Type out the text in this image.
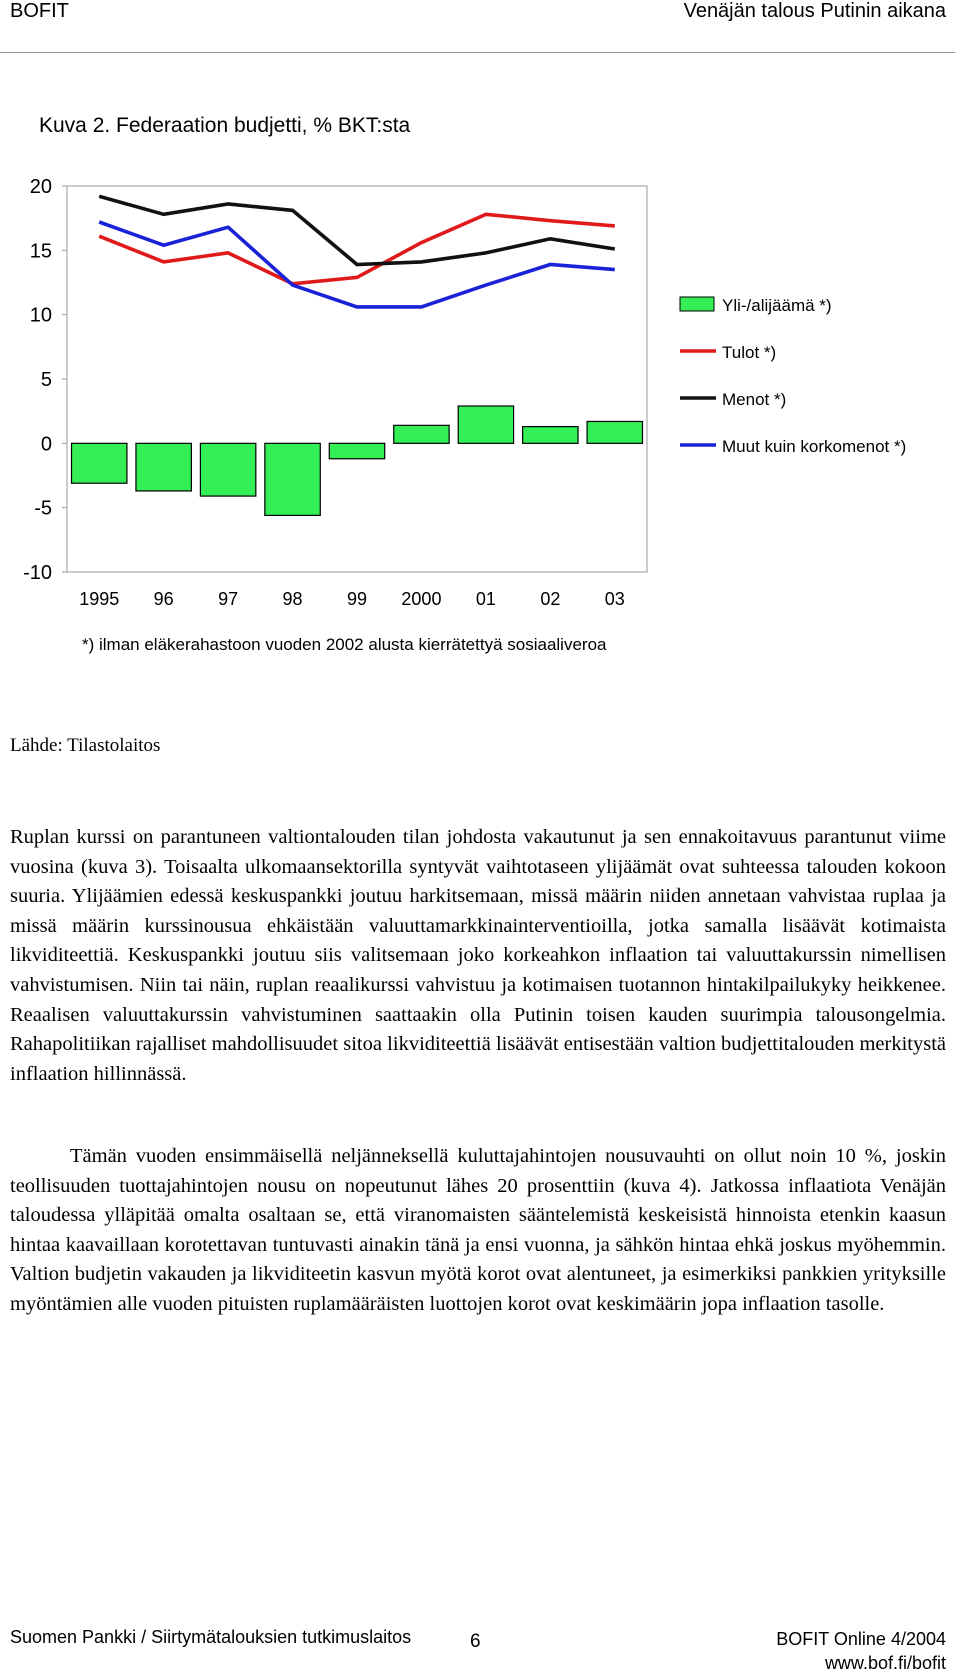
BOFIT	Venäjän talous Putinin aikana
Kuva 2. Federaation budjetti, % BKT:sta
20
15
10
5
0
-5
-10
1995 96 97 98 99 2000 01 02 03
Yli-/alijäämä *)
Tulot *)
Menot *)
Muut kuin korkomenot *)
*) ilman eläkerahastoon vuoden 2002 alusta kierrätettyä sosiaaliveroa
Lähde: Tilastolaitos
Ruplan kurssi on parantuneen valtiontalouden tilan johdosta vakautunut ja sen ennakoitavuus parantunut viime vuosina (kuva 3). Toisaalta ulkomaansektorilla syntyvät vaihtotaseen ylijäämät ovat suhteessa talouden kokoon suuria. Ylijäämien edessä keskuspankki joutuu harkitsemaan, missä määrin niiden annetaan vahvistaa ruplaa ja missä määrin kurssinousua ehkäistään valuuttamarkkinainterventioilla, jotka samalla lisäävät kotimaista likviditeettiä. Keskuspankki joutuu siis valitsemaan joko korkeahkon inflaation tai valuuttakurssin nimellisen vahvistumisen. Niin tai näin, ruplan reaalikurssi vahvistuu ja kotimaisen tuotannon hintakilpailukyky heikkenee. Reaalisen valuuttakurssin vahvistuminen saattaakin olla Putinin toisen kauden suurimpia talousongelmia. Rahapolitiikan rajalliset mahdollisuudet sitoa likviditeettiä lisäävät entisestään valtion budjettitalouden merkitystä inflaation hillinnässä.
Tämän vuoden ensimmäisellä neljänneksellä kuluttajahintojen nousuvauhti on ollut noin 10 %, joskin teollisuuden tuottajahintojen nousu on nopeutunut lähes 20 prosenttiin (kuva 4). Jatkossa inflaatiota Venäjän taloudessa ylläpitää omalta osaltaan se, että viranomaisten sääntelemistä keskeisistä hinnoista etenkin kaasun hintaa kaavaillaan korotettavan tuntuvasti ainakin tänä ja ensi vuonna, ja sähkön hintaa ehkä joskus myöhemmin. Valtion budjetin vakauden ja likviditeetin kasvun myötä korot ovat alentuneet, ja esimerkiksi pankkien yrityksille myöntämien alle vuoden pituisten ruplamääräisten luottojen korot ovat keskimäärin jopa inflaation tasolle.
Suomen Pankki / Siirtymätalouksien tutkimuslaitos	6	BOFIT Online 4/2004
www.bof.fi/bofit
